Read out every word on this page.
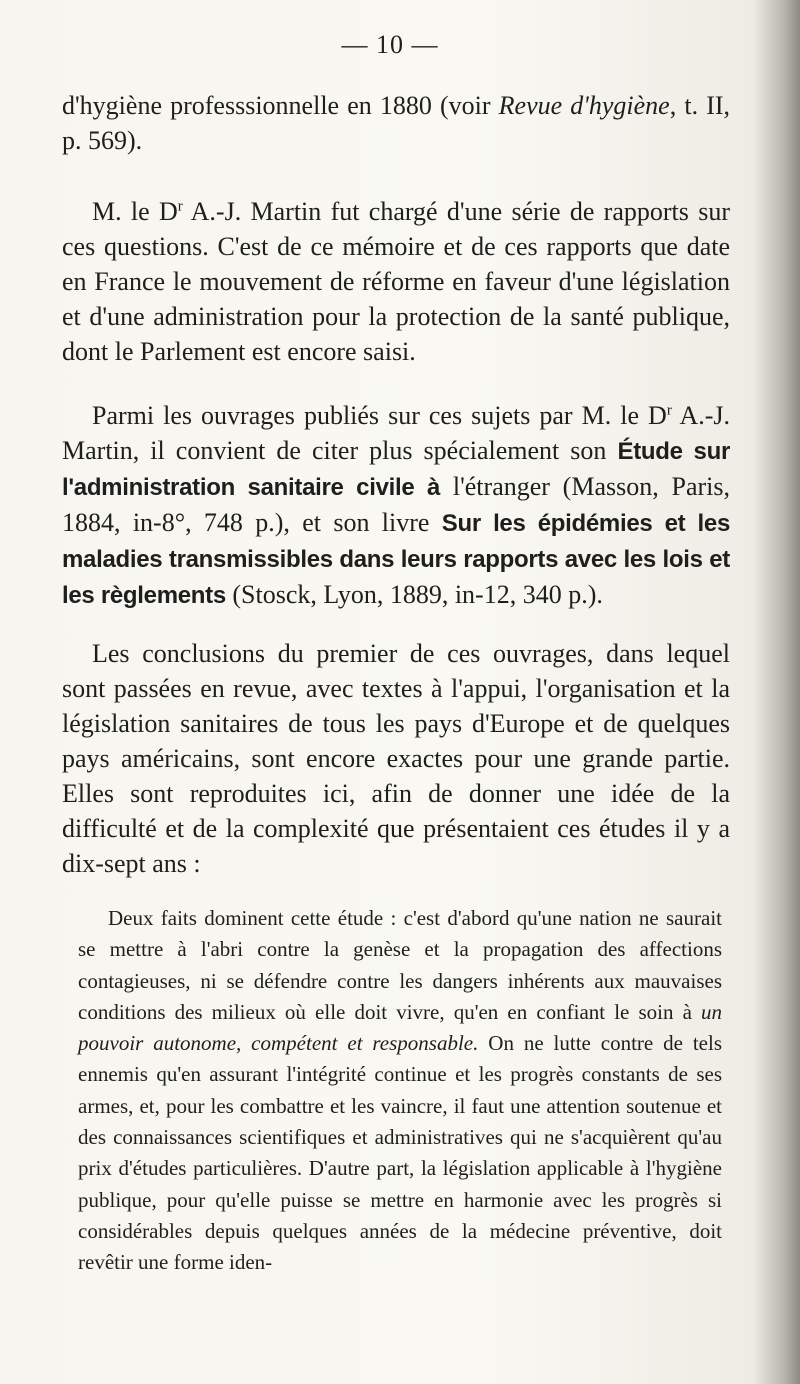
— 10 —

d'hygiène professsionnelle en 1880 (voir Revue d'hygiène, t. II, p. 569).

M. le $D^r$ A.-J. Martin fut chargé d'une série de rapports sur ces questions. C'est de ce mémoire et de ces rapports que date en France le mouvement de réforme en faveur d'une législation et d'une administration pour la protection de la santé publique, dont le Parlement est encore saisi.

Parmi les ouvrages publiés sur ces sujets par M. le $D^r$ A.-J. Martin, il convient de citer plus spécialement son Étude sur l'administration sanitaire civile à l'étranger (Masson, Paris, 1884, in-8°, 748 p.), et son livre Sur les épidémies et les maladies transmissibles dans leurs rapports avec les lois et les règlements (Stosck, Lyon, 1889, in-12, 340 p.).

Les conclusions du premier de ces ouvrages, dans lequel sont passées en revue, avec textes à l'appui, l'organisation et la législation sanitaires de tous les pays d'Europe et de quelques pays américains, sont encore exactes pour une grande partie. Elles sont reproduites ici, afin de donner une idée de la difficulté et de la complexité que présentaient ces études il y a dix-sept ans :

Deux faits dominent cette étude : c'est d'abord qu'une nation ne saurait se mettre à l'abri contre la genèse et la propagation des affections contagieuses, ni se défendre contre les dangers inhérents aux mauvaises conditions des milieux où elle doit vivre, qu'en en confiant le soin à un pouvoir autonome, compétent et responsable. On ne lutte contre de tels ennemis qu'en assurant l'intégrité continue et les progrès constants de ses armes, et, pour les combattre et les vaincre, il faut une attention soutenue et des connaissances scientifiques et administratives qui ne s'acquièrent qu'au prix d'études particulières. D'autre part, la législation applicable à l'hygiène publique, pour qu'elle puisse se mettre en harmonie avec les progrès si considérables depuis quelques années de la médecine préventive, doit revêtir une forme iden-
